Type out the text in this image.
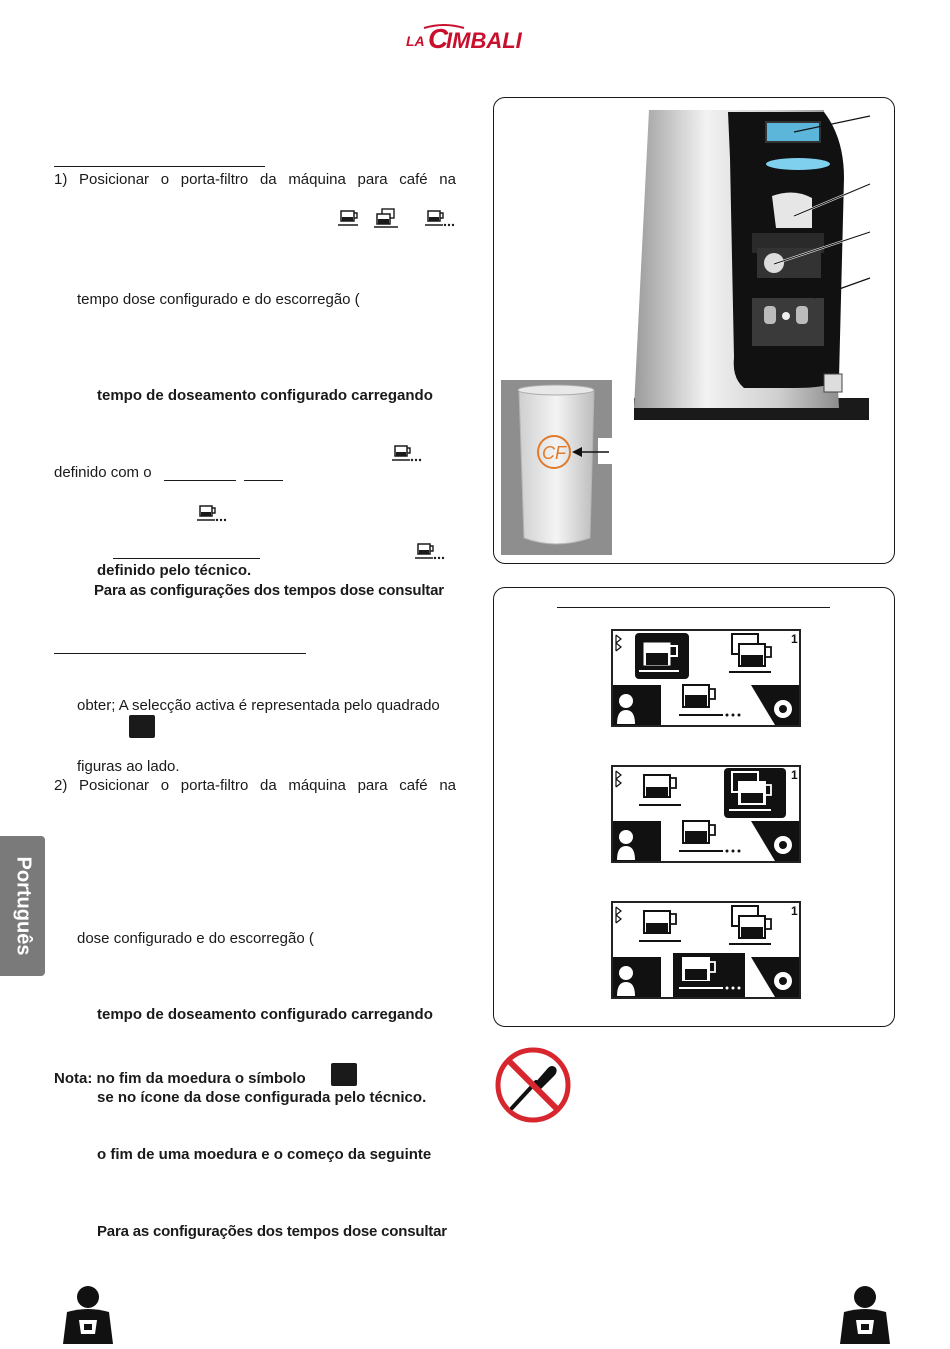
LA C
IMBALI
1) Posicionar o porta-filtro da máquina para café na
tempo dose configurado e do escorregão (
tempo de doseamento configurado carregando
definido com o
definido pelo técnico.
Para as configurações dos tempos dose consultar
obter; A selecção activa é representada pelo quadrado
figuras ao lado.
2) Posicionar o porta-filtro da máquina para café na
dose configurado e do escorregão (
tempo de doseamento configurado carregando
Nota: no fim da moedura o símbolo
se no ícone da dose configurada pelo técnico.
o fim de uma moedura e o começo da seguinte
Para as configurações dos tempos dose consultar
Português
CF
1
1
1
